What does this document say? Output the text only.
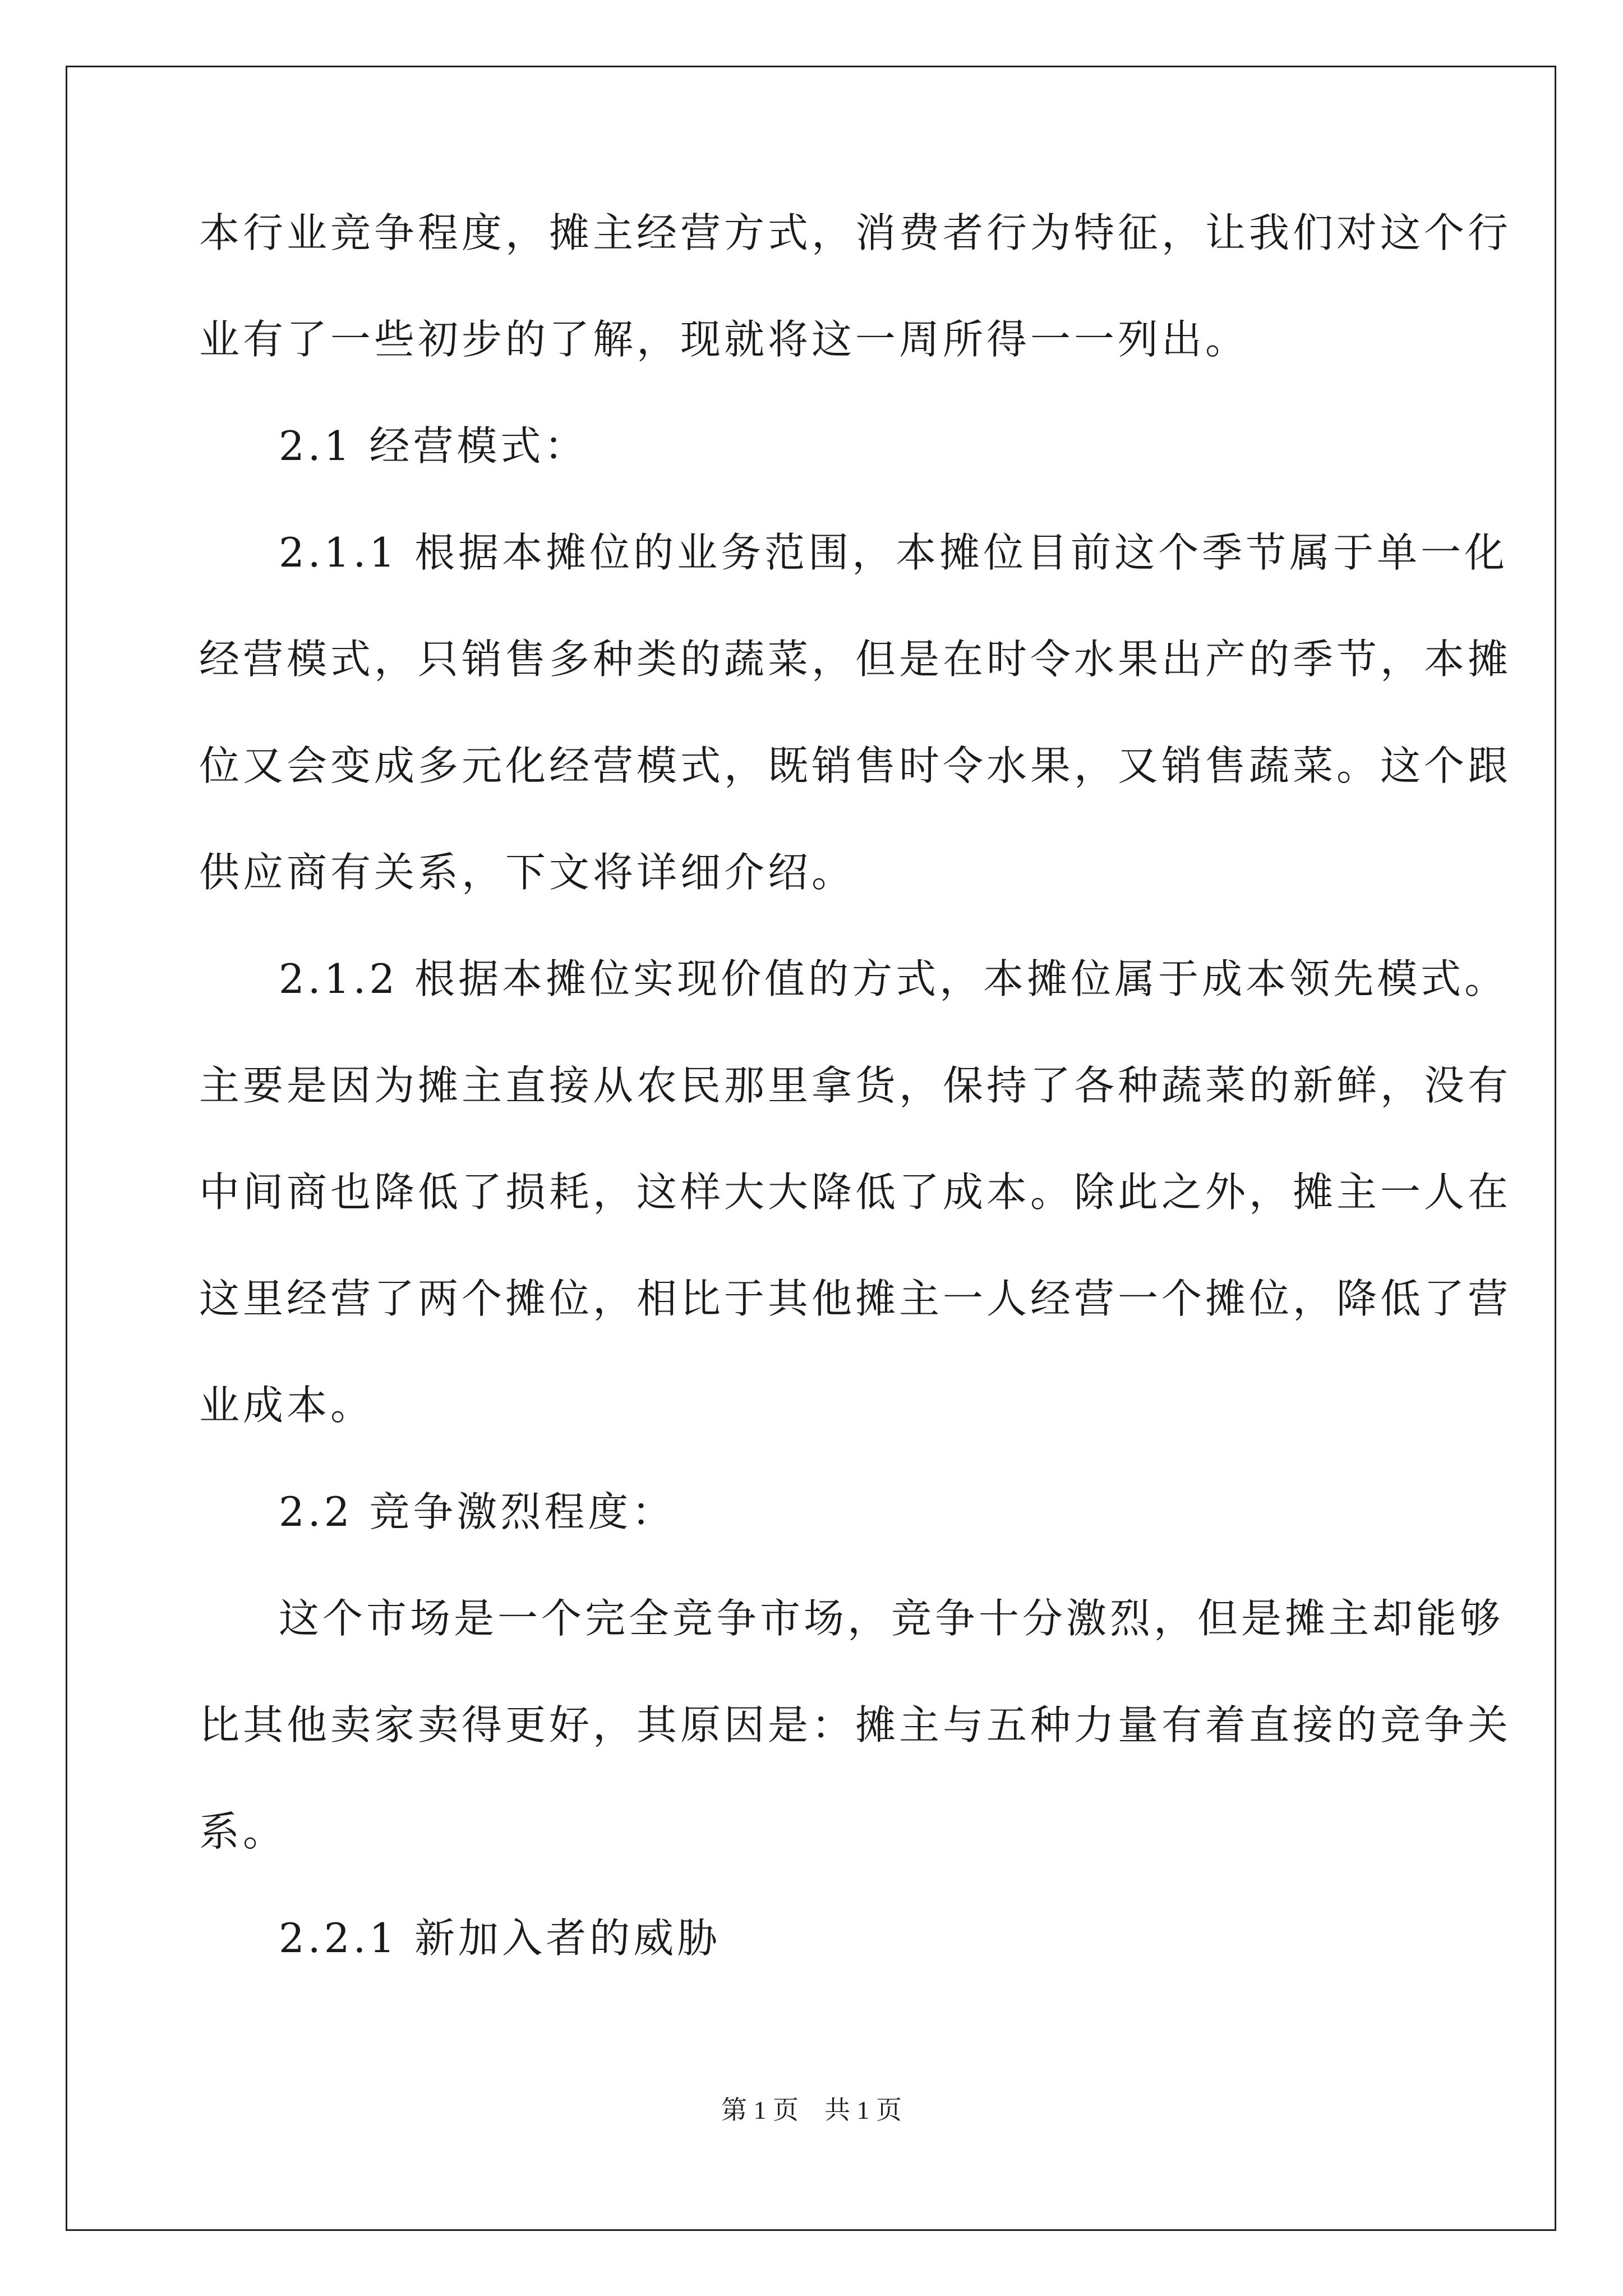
本行业竞争程度，摊主经营方式，消费者行为特征，让我们对这个行
业有了一些初步的了解，现就将这一周所得一一列出。
2.1 经营模式：
2.1.1 根据本摊位的业务范围，本摊位目前这个季节属于单一化
经营模式，只销售多种类的蔬菜，但是在时令水果出产的季节，本摊
位又会变成多元化经营模式，既销售时令水果，又销售蔬菜。这个跟
供应商有关系，下文将详细介绍。
2.1.2 根据本摊位实现价值的方式，本摊位属于成本领先模式。
主要是因为摊主直接从农民那里拿货，保持了各种蔬菜的新鲜，没有
中间商也降低了损耗，这样大大降低了成本。除此之外，摊主一人在
这里经营了两个摊位，相比于其他摊主一人经营一个摊位，降低了营
业成本。
2.2 竞争激烈程度：
这个市场是一个完全竞争市场，竞争十分激烈，但是摊主却能够
比其他卖家卖得更好，其原因是：摊主与五种力量有着直接的竞争关
系。
2.2.1 新加入者的威胁
第 1 页　共 1 页
